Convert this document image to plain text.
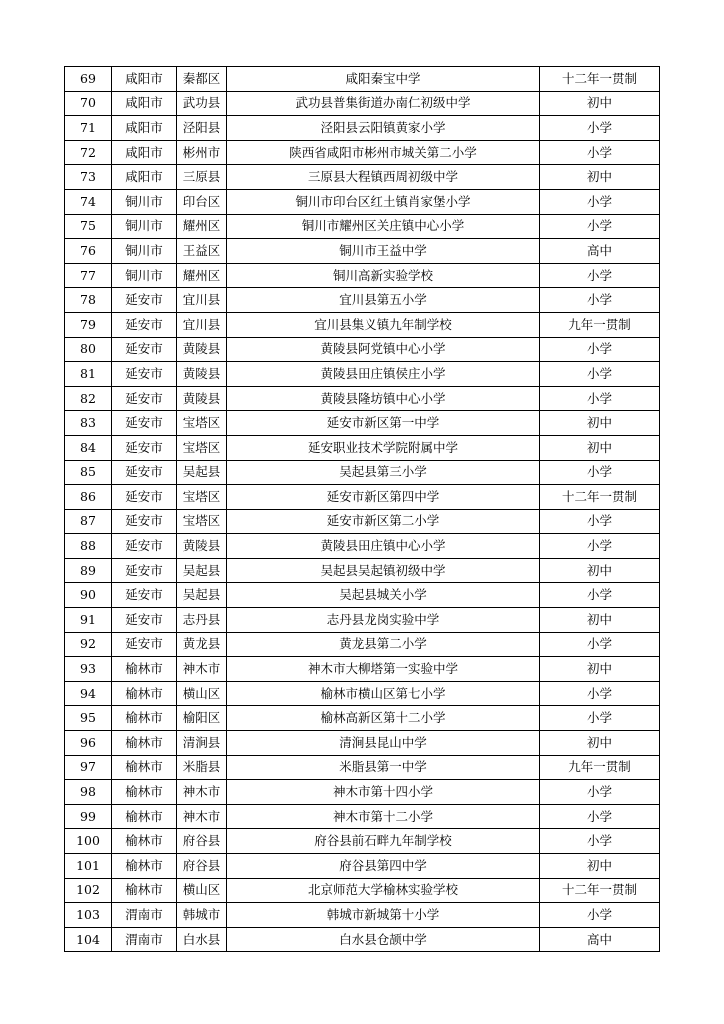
69	咸阳市	秦都区	咸阳秦宝中学	十二年一贯制
70	咸阳市	武功县	武功县普集街道办南仁初级中学	初中
71	咸阳市	泾阳县	泾阳县云阳镇黄家小学	小学
72	咸阳市	彬州市	陕西省咸阳市彬州市城关第二小学	小学
73	咸阳市	三原县	三原县大程镇西周初级中学	初中
74	铜川市	印台区	铜川市印台区红土镇肖家堡小学	小学
75	铜川市	耀州区	铜川市耀州区关庄镇中心小学	小学
76	铜川市	王益区	铜川市王益中学	高中
77	铜川市	耀州区	铜川高新实验学校	小学
78	延安市	宜川县	宜川县第五小学	小学
79	延安市	宜川县	宜川县集义镇九年制学校	九年一贯制
80	延安市	黄陵县	黄陵县阿党镇中心小学	小学
81	延安市	黄陵县	黄陵县田庄镇侯庄小学	小学
82	延安市	黄陵县	黄陵县隆坊镇中心小学	小学
83	延安市	宝塔区	延安市新区第一中学	初中
84	延安市	宝塔区	延安职业技术学院附属中学	初中
85	延安市	吴起县	吴起县第三小学	小学
86	延安市	宝塔区	延安市新区第四中学	十二年一贯制
87	延安市	宝塔区	延安市新区第二小学	小学
88	延安市	黄陵县	黄陵县田庄镇中心小学	小学
89	延安市	吴起县	吴起县吴起镇初级中学	初中
90	延安市	吴起县	吴起县城关小学	小学
91	延安市	志丹县	志丹县龙岗实验中学	初中
92	延安市	黄龙县	黄龙县第二小学	小学
93	榆林市	神木市	神木市大柳塔第一实验中学	初中
94	榆林市	横山区	榆林市横山区第七小学	小学
95	榆林市	榆阳区	榆林高新区第十二小学	小学
96	榆林市	清涧县	清涧县昆山中学	初中
97	榆林市	米脂县	米脂县第一中学	九年一贯制
98	榆林市	神木市	神木市第十四小学	小学
99	榆林市	神木市	神木市第十二小学	小学
100	榆林市	府谷县	府谷县前石畔九年制学校	小学
101	榆林市	府谷县	府谷县第四中学	初中
102	榆林市	横山区	北京师范大学榆林实验学校	十二年一贯制
103	渭南市	韩城市	韩城市新城第十小学	小学
104	渭南市	白水县	白水县仓颉中学	高中
